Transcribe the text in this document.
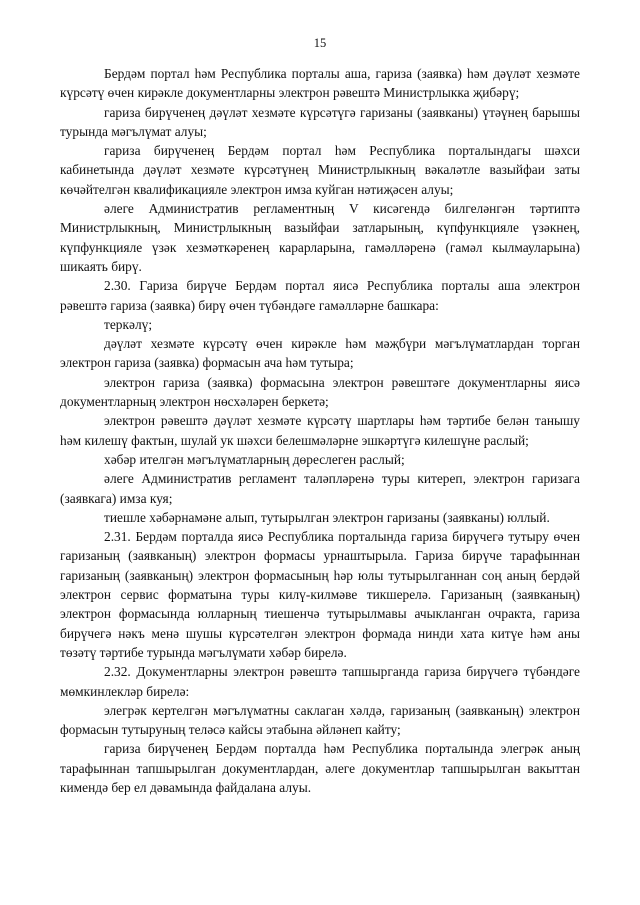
15

Бердәм портал һәм Республика порталы аша, гариза (заявка) һәм дәүләт хезмәте күрсәтү өчен кирәкле документларны электрон рәвештә Министрлыкка җибәрү;

гариза бирүченең дәүләт хезмәте күрсәтүгә гаризаны (заявканы) үтәүнең барышы турында мәгълүмат алуы;

гариза бирүченең Бердәм портал һәм Республика порталындагы шәхси кабинетында дәүләт хезмәте күрсәтүнең Министрлыкның вәкаләтле вазыйфаи заты көчәйтелгән квалификацияле электрон имза куйган нәтиҗәсен алуы;

әлеге Административ регламентның V кисәгендә билгеләнгән тәртиптә Министрлыкның, Министрлыкның вазыйфаи затларының, күпфункцияле үзәкнең, күпфункцияле үзәк хезмәткәренең карарларына, гамәлләренә (гамәл кылмауларына) шикаять бирү.

2.30. Гариза бирүче Бердәм портал яисә Республика порталы аша электрон рәвештә гариза (заявка) бирү өчен түбәндәге гамәлләрне башкара:

теркәлү;

дәүләт хезмәте күрсәтү өчен кирәкле һәм мәҗбүри мәгълүматлардан торган электрон гариза (заявка) формасын ача һәм тутыра;

электрон гариза (заявка) формасына электрон рәвештәге документларны яисә документларның электрон нөсхәләрен беркетә;

электрон рәвештә дәүләт хезмәте күрсәтү шартлары һәм тәртибе белән танышу һәм килешү фактын, шулай ук шәхси белешмәләрне эшкәртүгә килешүне раслый;

хәбәр ителгән мәгълүматларның дөреслеген раслый;

әлеге Административ регламент таләпләренә туры китереп, электрон гаризага (заявкага) имза куя;

тиешле хәбәрнамәне алып, тутырылган электрон гаризаны (заявканы) юллый.

2.31. Бердәм порталда яисә Республика порталында гариза бирүчегә тутыру өчен гаризаның (заявканың) электрон формасы урнаштырыла. Гариза бирүче тарафыннан гаризаның (заявканың) электрон формасының һәр юлы тутырылганнан соң аның бердәй электрон сервис форматына туры килү-килмәве тикшерелә. Гаризаның (заявканың) электрон формасында юлларның тиешенчә тутырылмавы ачыкланган очракта, гариза бирүчегә нәкъ менә шушы күрсәтелгән электрон формада нинди хата китүе һәм аны төзәтү тәртибе турында мәгълүмати хәбәр бирелә.

2.32. Документларны электрон рәвештә тапшырганда гариза бирүчегә түбәндәге мөмкинлекләр бирелә:

элегрәк кертелгән мәгълүматны саклаган хәлдә, гаризаның (заявканың) электрон формасын тутыруның теләсә кайсы этабына әйләнеп кайту;

гариза бирүченең Бердәм порталда һәм Республика порталында элегрәк аның тарафыннан тапшырылган документлардан, әлеге документлар тапшырылган вакыттан кимендә бер ел дәвамында файдалана алуы.
